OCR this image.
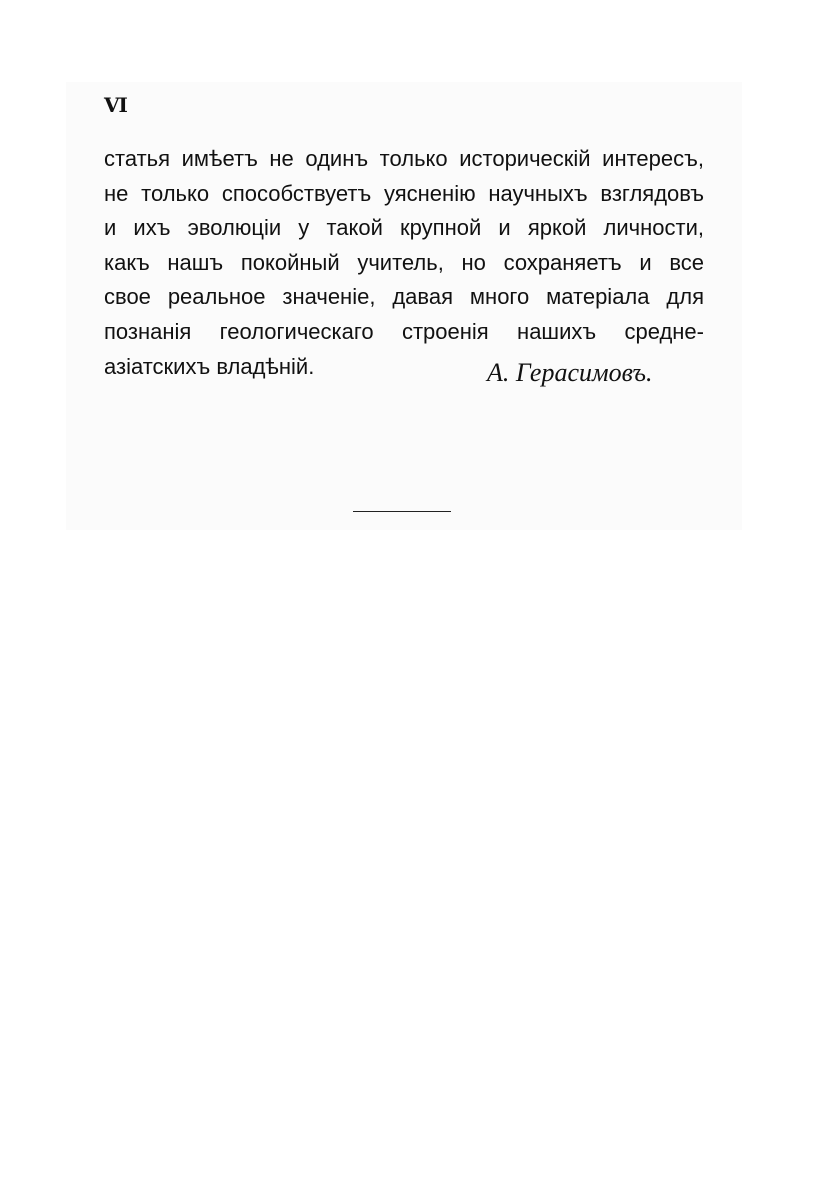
VI

статья имѣетъ не одинъ только историческій интересъ,
не только способствуетъ уясненію научныхъ взглядовъ
и ихъ эволюціи у такой крупной и яркой личности,
какъ нашъ покойный учитель, но сохраняетъ и все
свое реальное значеніе, давая много матеріала для
познанія геологическаго строенія нашихъ средне-
азіатскихъ владѣній.	А. Герасимовъ.
